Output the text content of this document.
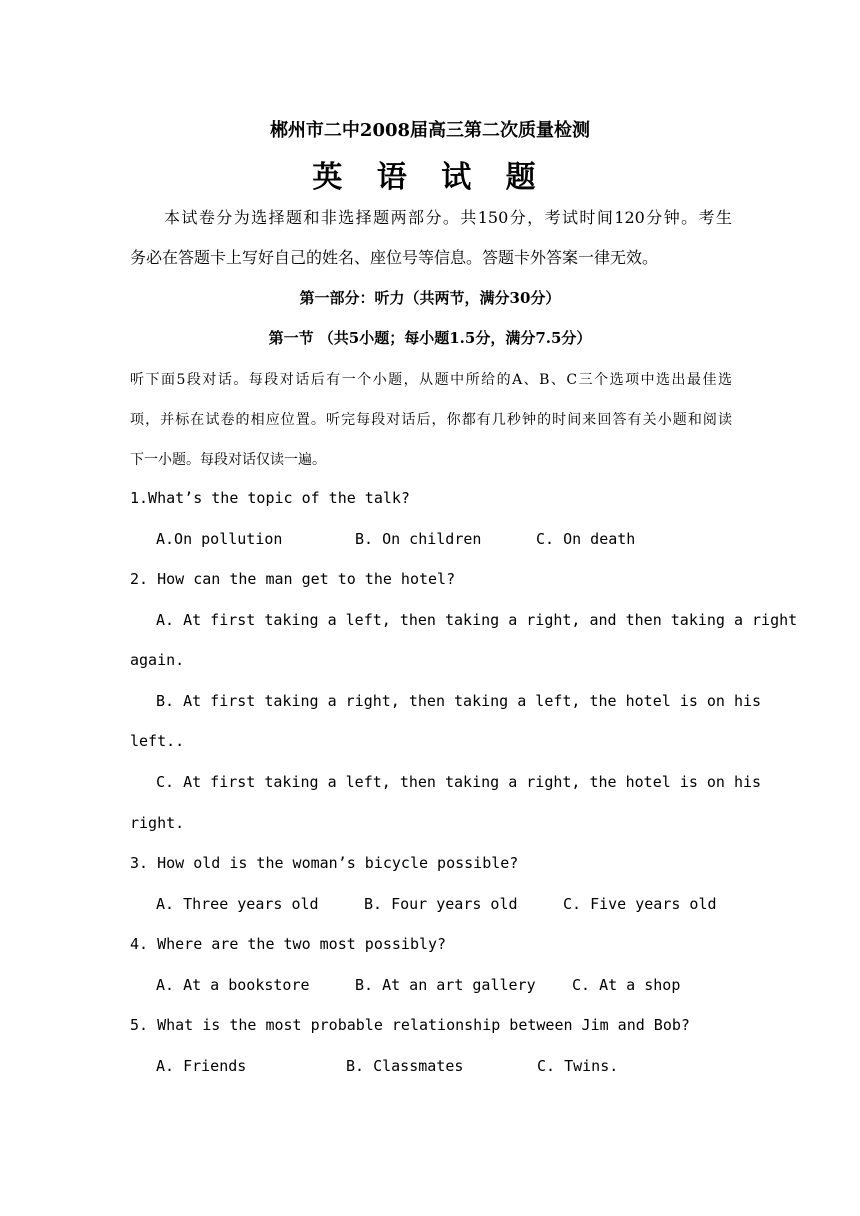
郴州市二中2008届高三第二次质量检测
英 语 试 题
本试卷分为选择题和非选择题两部分。共150分，考试时间120分钟。考生
务必在答题卡上写好自己的姓名、座位号等信息。答题卡外答案一律无效。
第一部分：听力（共两节，满分30分）
第一节 （共5小题；每小题1.5分，满分7.5分）
听下面5段对话。每段对话后有一个小题，从题中所给的A、B、C三个选项中选出最佳选
项，并标在试卷的相应位置。听完每段对话后，你都有几秒钟的时间来回答有关小题和阅读
下一小题。每段对话仅读一遍。
1.What’s the topic of the talk?
A.On pollution	B. On children	C. On death
2. How can the man get to the hotel?
A. At first taking a left, then taking a right, and then taking a right
again.
B. At first taking a right, then taking a left, the hotel is on his
left..
C. At first taking a left, then taking a right, the hotel is on his
right.
3. How old is the woman’s bicycle possible?
A. Three years old	B. Four years old	C. Five years old
4. Where are the two most possibly?
A. At a bookstore	B. At an art gallery C. At a shop
5. What is the most probable relationship between Jim and Bob?
A. Friends	B. Classmates	C. Twins.
